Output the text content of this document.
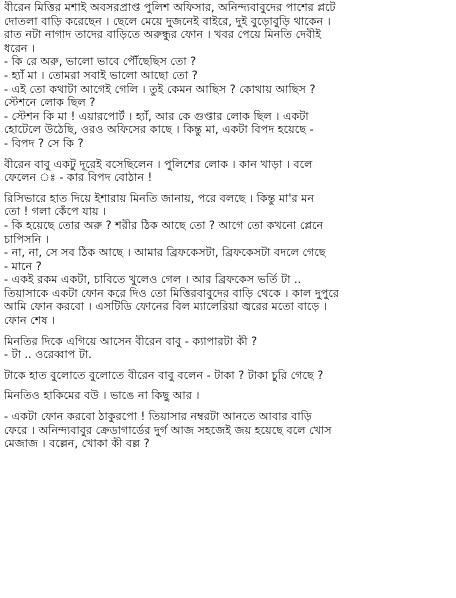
বীরেন মিত্তির মশাই অবসরপ্রাপ্ত পুলিশ অফিসার, অনিন্দ্যবাবুদের পাশের প্লটে
দোতলা বাড়ি করেছেন । ছেলে মেয়ে দুজনেই বাইরে, দুই বুড়োবুড়ি থাকেন ।
রাত নটা নাগাদ তাদের বাড়িতে অরুন্ধুর ফোন । খবর পেয়ে মিনতি দেবীই
ধরেন ।
- কি রে অরু, ভালো ভাবে পৌঁছেছিস তো ?
- হ্যাঁ মা । তোমরা সবাই ভালো আছো তো ?
- এই তো কথাটা আগেই গেলি । তুই কেমন আছিস ? কোথায় আছিস ?
স্টেশনে লোক ছিল ?
- স্টেশন কি মা ! এয়ারপোর্ট । হ্যাঁ, আর কে গুপ্তার লোক ছিল । একটা
হোটেলে উঠেছি, ওরও অফিসের কাছে । কিন্তু মা, একটা বিপদ হয়েছে -
- বিপদ ? সে কি ?
বীরেন বাবু একটু দূরেই বসেছিলেন । পুলিশের লোক । কান খাড়া । বলে
ফেলেন ঃ - কার বিপদ বোঠান !
রিসিভারে হাত দিয়ে ইশারায় মিনতি জানায়, পরে বলছে । কিন্তু মা'র মন
তো ! গলা কেঁপে যায় ।
- কি হয়েছে তোর অরু ? শরীর ঠিক আছে তো ? আগে তো কখনো প্লেনে
চাপিসনি ।
- না, না, সে সব ঠিক আছে । আমার ব্রিফকেসটা, ব্রিফকেসটা বদলে গেছে
- মানে ?
- একই রকম একটা, চাবিতে খুলেও গেল । আর ব্রিফকেস ভর্তি টা ..
তিয়াসাকে একটা ফোন করে দিও তো মিত্তিরবাবুদের বাড়ি থেকে । কাল দুপুরে
আমি ফোন করবো । এসটিডি ফোনের বিল ম্যালেরিয়া জ্বরের মতো বাড়ে ।
ফোন শেষ ।
মিনতির দিকে এগিয়ে আসেন বীরেন বাবু - ক্যাপারটা কী ?
- টা .. ওরেব্বাপ টা.
টাকে হাত বুলোতে বুলোতে বীরেন বাবু বলেন - টাকা ? টাকা চুরি গেছে ?
মিনতিও হাকিমের বউ । ভাঙে না কিছু আর ।
- একটা ফোন করবো ঠাকুরপো ! তিয়াসার নম্বরটা আনতে আবার বাড়ি
ফেরে । অনিন্দ্যবাবুর ক্রেডাগার্ডের দুর্গ আজ সহজেই জয় হয়েছে বলে খোস
মেজাজ । বল্লেন, খোকা কী বল্ল ?
